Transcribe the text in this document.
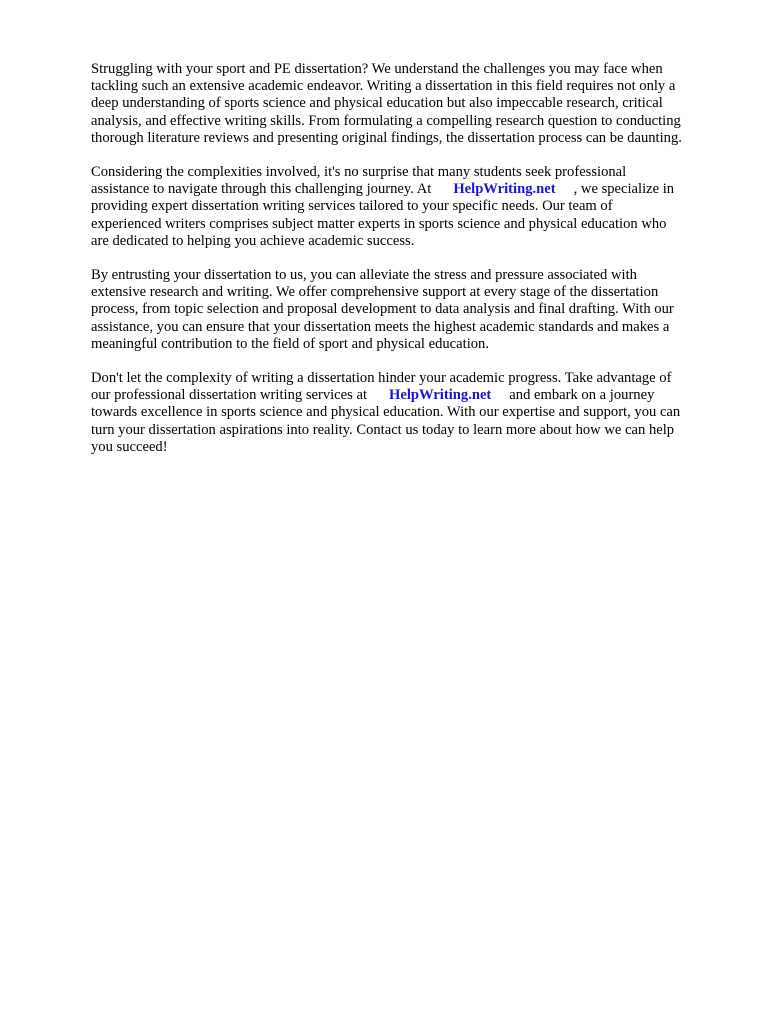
Struggling with your sport and PE dissertation? We understand the challenges you may face when
tackling such an extensive academic endeavor. Writing a dissertation in this field requires not only a
deep understanding of sports science and physical education but also impeccable research, critical
analysis, and effective writing skills. From formulating a compelling research question to conducting
thorough literature reviews and presenting original findings, the dissertation process can be daunting.

Considering the complexities involved, it's no surprise that many students seek professional
assistance to navigate through this challenging journey. At HelpWriting.net , we specialize in
providing expert dissertation writing services tailored to your specific needs. Our team of
experienced writers comprises subject matter experts in sports science and physical education who
are dedicated to helping you achieve academic success.

By entrusting your dissertation to us, you can alleviate the stress and pressure associated with
extensive research and writing. We offer comprehensive support at every stage of the dissertation
process, from topic selection and proposal development to data analysis and final drafting. With our
assistance, you can ensure that your dissertation meets the highest academic standards and makes a
meaningful contribution to the field of sport and physical education.

Don't let the complexity of writing a dissertation hinder your academic progress. Take advantage of
our professional dissertation writing services at HelpWriting.net and embark on a journey
towards excellence in sports science and physical education. With our expertise and support, you can
turn your dissertation aspirations into reality. Contact us today to learn more about how we can help
you succeed!
